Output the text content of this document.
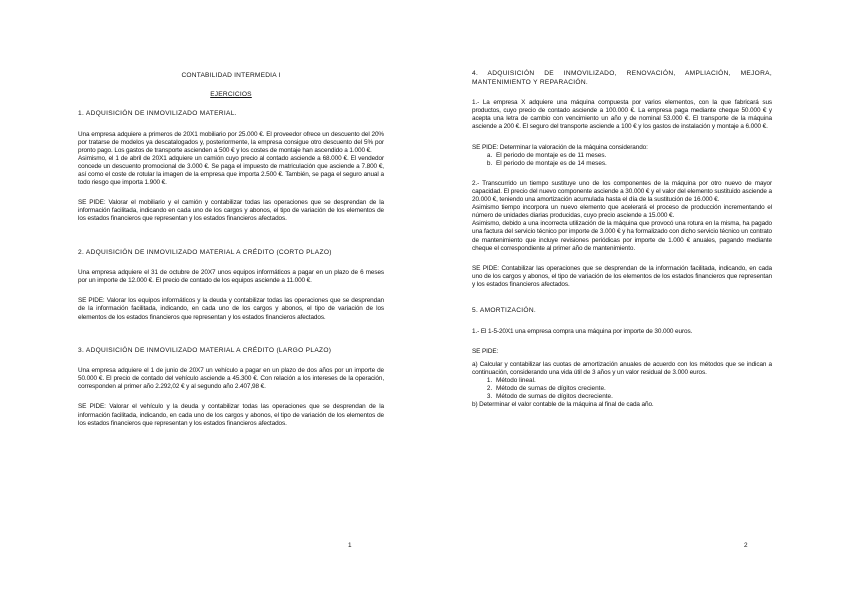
CONTABILIDAD INTERMEDIA I
EJERCICIOS
1. ADQUISICIÓN DE INMOVILIZADO MATERIAL.

Una empresa adquiere a primeros de 20X1 mobiliario por 25.000 €. El proveedor ofrece un descuento del 20% por tratarse de modelos ya descatalogados y, posteriormente, la empresa consigue otro descuento del 5% por pronto pago. Los gastos de transporte ascienden a 500 € y los costes de montaje han ascendido a 1.000 €.

Asimismo, el 1 de abril de 20X1 adquiere un camión cuyo precio al contado asciende a 68.000 €. El vendedor concede un descuento promocional de 3.000 €. Se paga el impuesto de matriculación que asciende a 7.800 €, así como el coste de rotular la imagen de la empresa que importa 2.500 €. También, se paga el seguro anual a todo riesgo que importa 1.900 €.

SE PIDE: Valorar el mobiliario y el camión y contabilizar todas las operaciones que se desprendan de la información facilitada, indicando en cada uno de los cargos y abonos, el tipo de variación de los elementos de los estados financieros que representan y los estados financieros afectados.

2. ADQUISICIÓN DE INMOVILIZADO MATERIAL A CRÉDITO (CORTO PLAZO)

Una empresa adquiere el 31 de octubre de 20X7 unos equipos informáticos a pagar en un plazo de 6 meses por un importe de 12.000 €. El precio de contado de los equipos asciende a 11.000 €.

SE PIDE: Valorar los equipos informáticos y la deuda y contabilizar todas las operaciones que se desprendan de la información facilitada, indicando, en cada uno de los cargos y abonos, el tipo de variación de los elementos de los estados financieros que representan y los estados financieros afectados.

3. ADQUISICIÓN DE INMOVILIZADO MATERIAL A CRÉDITO (LARGO PLAZO)

Una empresa adquiere el 1 de junio de 20X7 un vehículo a pagar en un plazo de dos años por un importe de 50.000 €. El precio de contado del vehículo asciende a 45.300 €. Con relación a los intereses de la operación, corresponden al primer año 2.292,02 € y al segundo año 2.407,98 €.

SE PIDE: Valorar el vehículo y la deuda y contabilizar todas las operaciones que se desprendan de la información facilitada, indicando, en cada uno de los cargos y abonos, el tipo de variación de los elementos de los estados financieros que representan y los estados financieros afectados.

1
4. ADQUISICIÓN DE INMOVILIZADO, RENOVACIÓN, AMPLIACIÓN, MEJORA, MANTENIMIENTO Y REPARACIÓN.

1.- La empresa X adquiere una máquina compuesta por varios elementos, con la que fabricará sus productos, cuyo precio de contado asciende a 100.000 €. La empresa paga mediante cheque 50.000 € y acepta una letra de cambio con vencimiento un año y de nominal 53.000 €. El transporte de la máquina asciende a 200 €. El seguro del transporte asciende a 100 € y los gastos de instalación y montaje a 6.000 €.

SE PIDE: Determinar la valoración de la máquina considerando:

a. El periodo de montaje es de 11 meses.
b. El periodo de montaje es de 14 meses.

2.- Transcurrido un tiempo sustituye uno de los componentes de la máquina por otro nuevo de mayor capacidad. El precio del nuevo componente asciende a 30.000 € y el valor del elemento sustituido asciende a 20.000 €, teniendo una amortización acumulada hasta el día de la sustitución de 16.000 €.

Asimismo tiempo incorpora un nuevo elemento que acelerará el proceso de producción incrementando el número de unidades diarias producidas, cuyo precio asciende a 15.000 €.

Asimismo, debido a una incorrecta utilización de la máquina que provocó una rotura en la misma, ha pagado una factura del servicio técnico por importe de 3.000 € y ha formalizado con dicho servicio técnico un contrato de mantenimiento que incluye revisiones periódicas por importe de 1.000 € anuales, pagando mediante cheque el correspondiente al primer año de mantenimiento.

SE PIDE: Contabilizar las operaciones que se desprendan de la información facilitada, indicando, en cada uno de los cargos y abonos, el tipo de variación de los elementos de los estados financieros que representan y los estados financieros afectados.

5. AMORTIZACIÓN.

1.- El 1-5-20X1 una empresa compra una máquina por importe de 30.000 euros.

SE PIDE:

a) Calcular y contabilizar las cuotas de amortización anuales de acuerdo con los métodos que se indican a continuación, considerando una vida útil de 3 años y un valor residual de 3.000 euros.

1. Método lineal.
2. Método de sumas de dígitos creciente.
3. Método de sumas de dígitos decreciente.

b) Determinar el valor contable de la máquina al final de cada año.

2
